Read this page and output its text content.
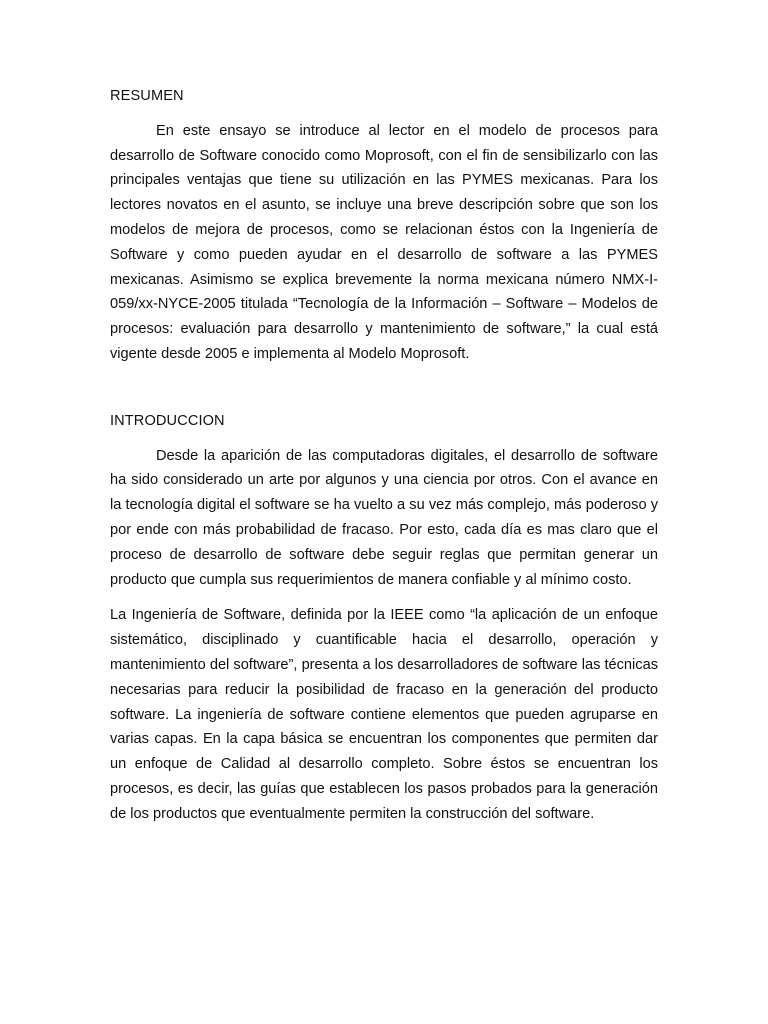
RESUMEN

En este ensayo se introduce al lector en el modelo de procesos para desarrollo de Software conocido como Moprosoft, con el fin de sensibilizarlo con las principales ventajas que tiene su utilización en las PYMES mexicanas. Para los lectores novatos en el asunto, se incluye una breve descripción sobre que son los modelos de mejora de procesos, como se relacionan éstos con la Ingeniería de Software y como pueden ayudar en el desarrollo de software a las PYMES mexicanas. Asimismo se explica brevemente la norma mexicana número NMX-I-059/xx-NYCE-2005 titulada “Tecnología de la Información – Software – Modelos de procesos: evaluación para desarrollo y mantenimiento de software,” la cual está vigente desde 2005 e implementa al Modelo Moprosoft.

INTRODUCCION

Desde la aparición de las computadoras digitales, el desarrollo de software ha sido considerado un arte por algunos y una ciencia por otros. Con el avance en la tecnología digital el software se ha vuelto a su vez más complejo, más poderoso y por ende con más probabilidad de fracaso. Por esto, cada día es mas claro que el proceso de desarrollo de software debe seguir reglas que permitan generar un producto que cumpla sus requerimientos de manera confiable y al mínimo costo.

La Ingeniería de Software, definida por la IEEE como “la aplicación de un enfoque sistemático, disciplinado y cuantificable hacia el desarrollo, operación y mantenimiento del software”, presenta a los desarrolladores de software las técnicas necesarias para reducir la posibilidad de fracaso en la generación del producto software. La ingeniería de software contiene elementos que pueden agruparse en varias capas. En la capa básica se encuentran los componentes que permiten dar un enfoque de Calidad al desarrollo completo. Sobre éstos se encuentran los procesos, es decir, las guías que establecen los pasos probados para la generación de los productos que eventualmente permiten la construcción del software.
